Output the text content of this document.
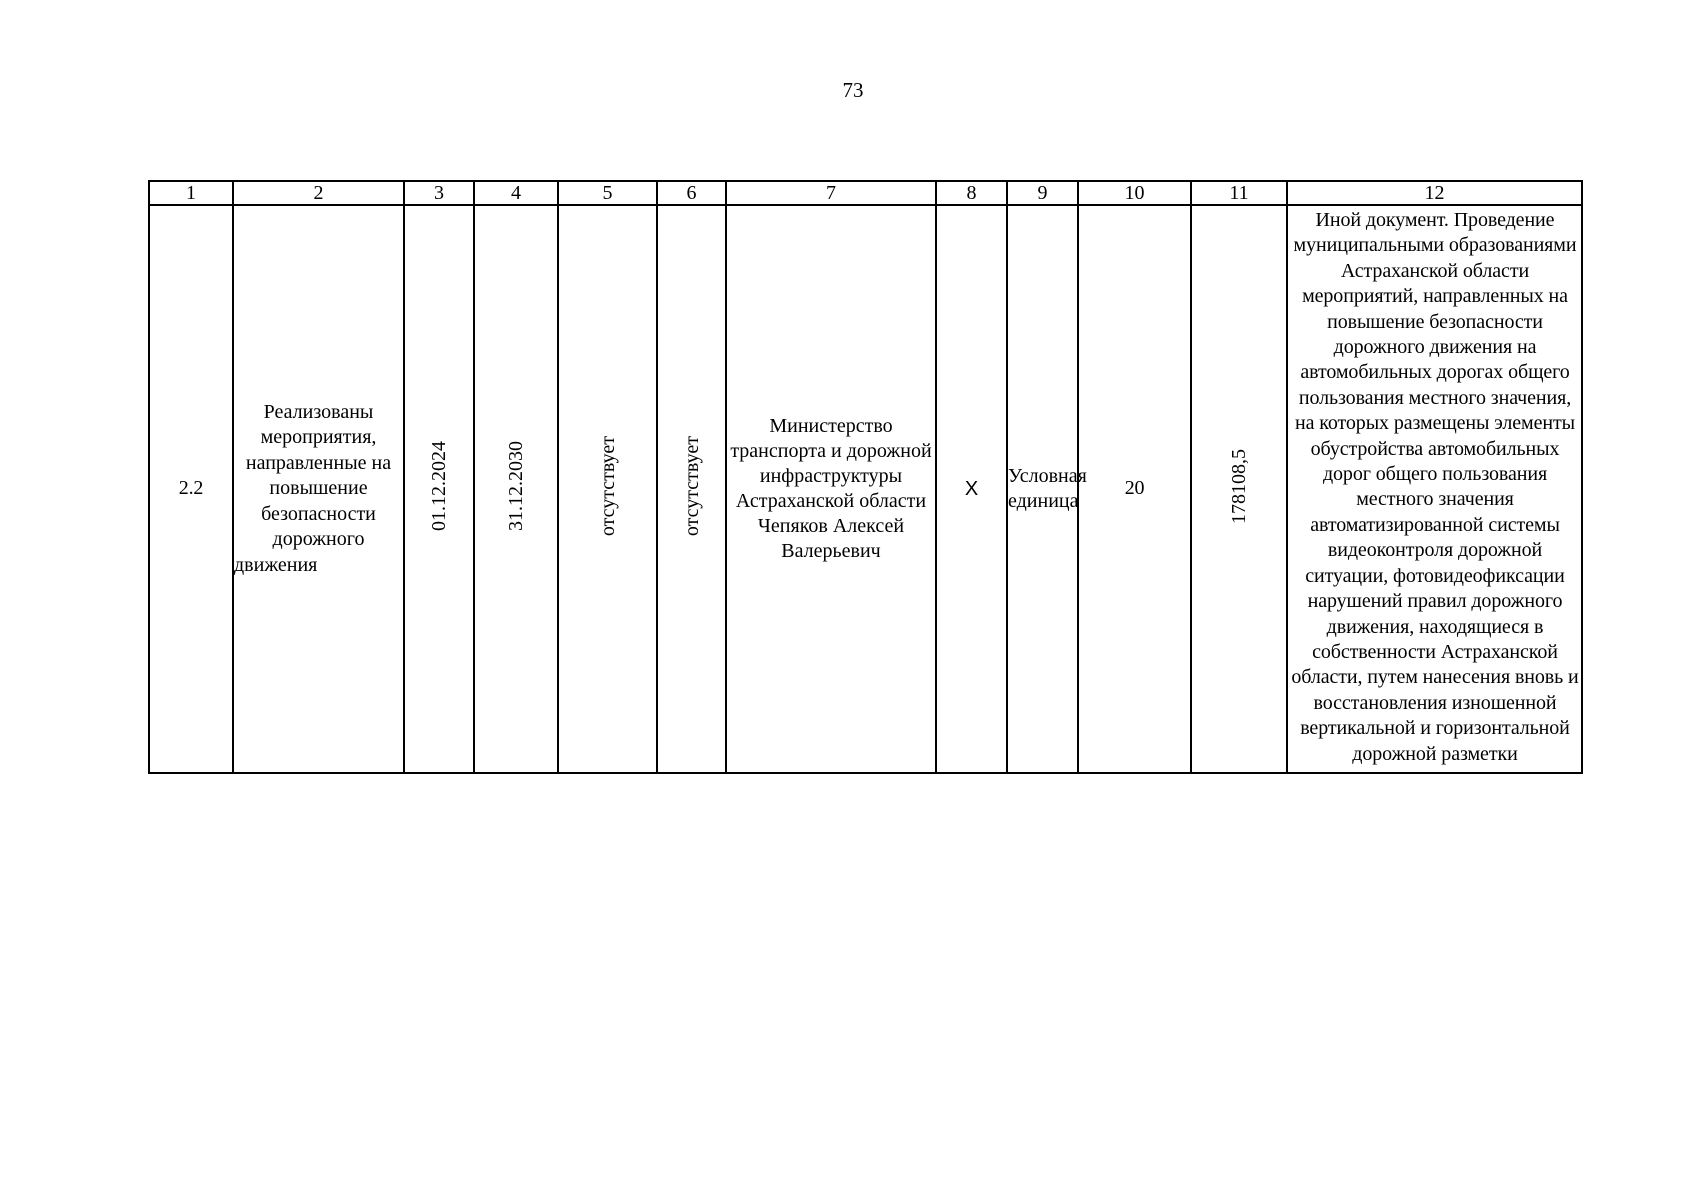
73
1	2	3	4	5	6	7	8	9	10	11	12
2.2	Реализованы мероприятия, направленные на повышение безопасности дорожного движения	01.12.2024	31.12.2030	отсутствует	отсутствует	Министерство транспорта и дорожной инфраструктуры Астраханской области Чепяков Алексей Валерьевич	X	Условная единица	20	178108,5	Иной документ. Проведение муниципальными образованиями Астраханской области мероприятий, направленных на повышение безопасности дорожного движения на автомобильных дорогах общего пользования местного значения, на которых размещены элементы обустройства автомобильных дорог общего пользования местного значения автоматизированной системы видеоконтроля дорожной ситуации, фотовидеофиксации нарушений правил дорожного движения, находящиеся в собственности Астраханской области, путем нанесения вновь и восстановления изношенной вертикальной и горизонтальной дорожной разметки
